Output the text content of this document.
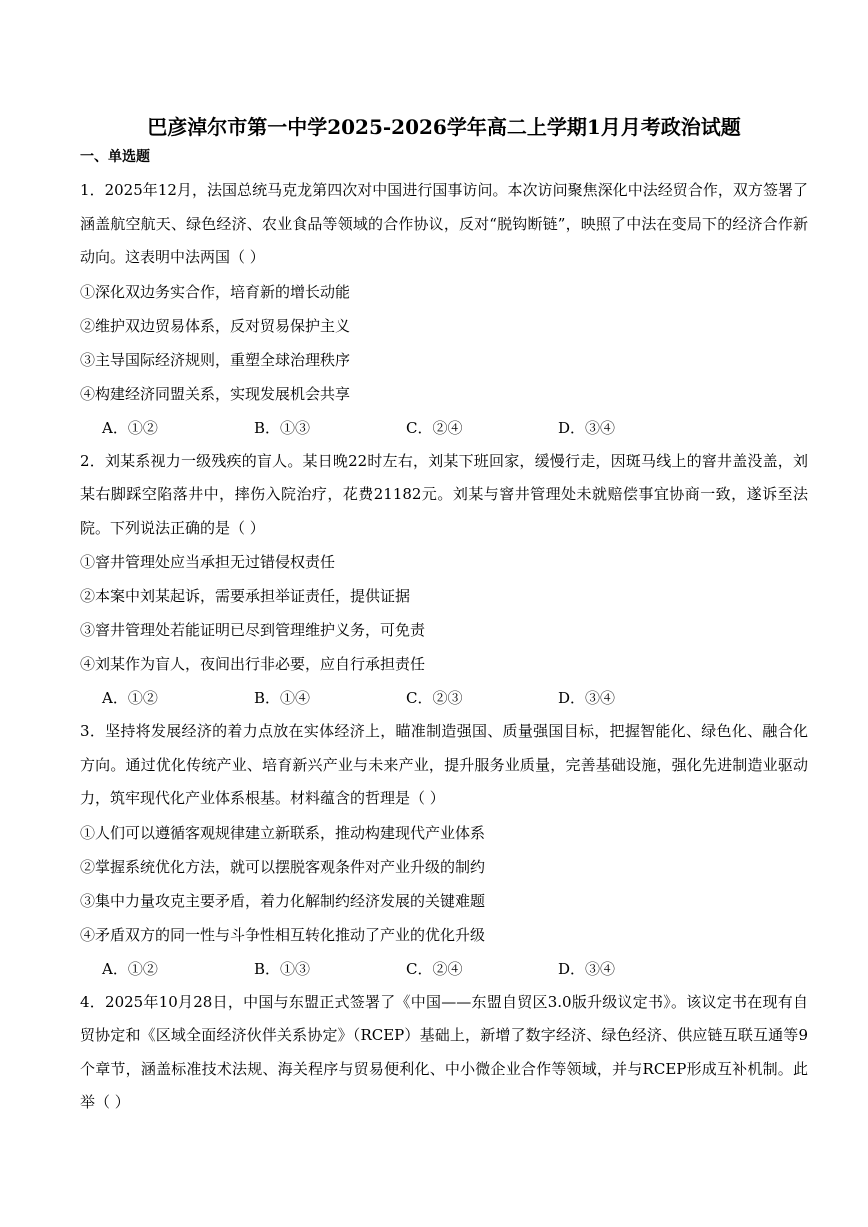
巴彦淖尔市第一中学2025-2026学年高二上学期1月月考政治试题
一、单选题

1．2025年12月，法国总统马克龙第四次对中国进行国事访问。本次访问聚焦深化中法经贸合作，双方签署了涵盖航空航天、绿色经济、农业食品等领域的合作协议，反对“脱钩断链”，映照了中法在变局下的经济合作新动向。这表明中法两国（ ）

①深化双边务实合作，培育新的增长动能

②维护双边贸易体系，反对贸易保护主义

③主导国际经济规则，重塑全球治理秩序

④构建经济同盟关系，实现发展机会共享

A．①②	B．①③	C．②④	D．③④

2．刘某系视力一级残疾的盲人。某日晚22时左右，刘某下班回家，缓慢行走，因斑马线上的窨井盖没盖，刘某右脚踩空陷落井中，摔伤入院治疗，花费21182元。刘某与窨井管理处未就赔偿事宜协商一致，遂诉至法院。下列说法正确的是（ ）

①窨井管理处应当承担无过错侵权责任

②本案中刘某起诉，需要承担举证责任，提供证据

③窨井管理处若能证明已尽到管理维护义务，可免责

④刘某作为盲人，夜间出行非必要，应自行承担责任

A．①②	B．①④	C．②③	D．③④

3．坚持将发展经济的着力点放在实体经济上，瞄准制造强国、质量强国目标，把握智能化、绿色化、融合化方向。通过优化传统产业、培育新兴产业与未来产业，提升服务业质量，完善基础设施，强化先进制造业驱动力，筑牢现代化产业体系根基。材料蕴含的哲理是（ ）

①人们可以遵循客观规律建立新联系，推动构建现代产业体系

②掌握系统优化方法，就可以摆脱客观条件对产业升级的制约

③集中力量攻克主要矛盾，着力化解制约经济发展的关键难题

④矛盾双方的同一性与斗争性相互转化推动了产业的优化升级

A．①②	B．①③	C．②④	D．③④

4．2025年10月28日，中国与东盟正式签署了《中国——东盟自贸区3.0版升级议定书》。该议定书在现有自贸协定和《区域全面经济伙伴关系协定》（RCEP）基础上，新增了数字经济、绿色经济、供应链互联互通等9个章节，涵盖标准技术法规、海关程序与贸易便利化、中小微企业合作等领域，并与RCEP形成互补机制。此举（ ）
